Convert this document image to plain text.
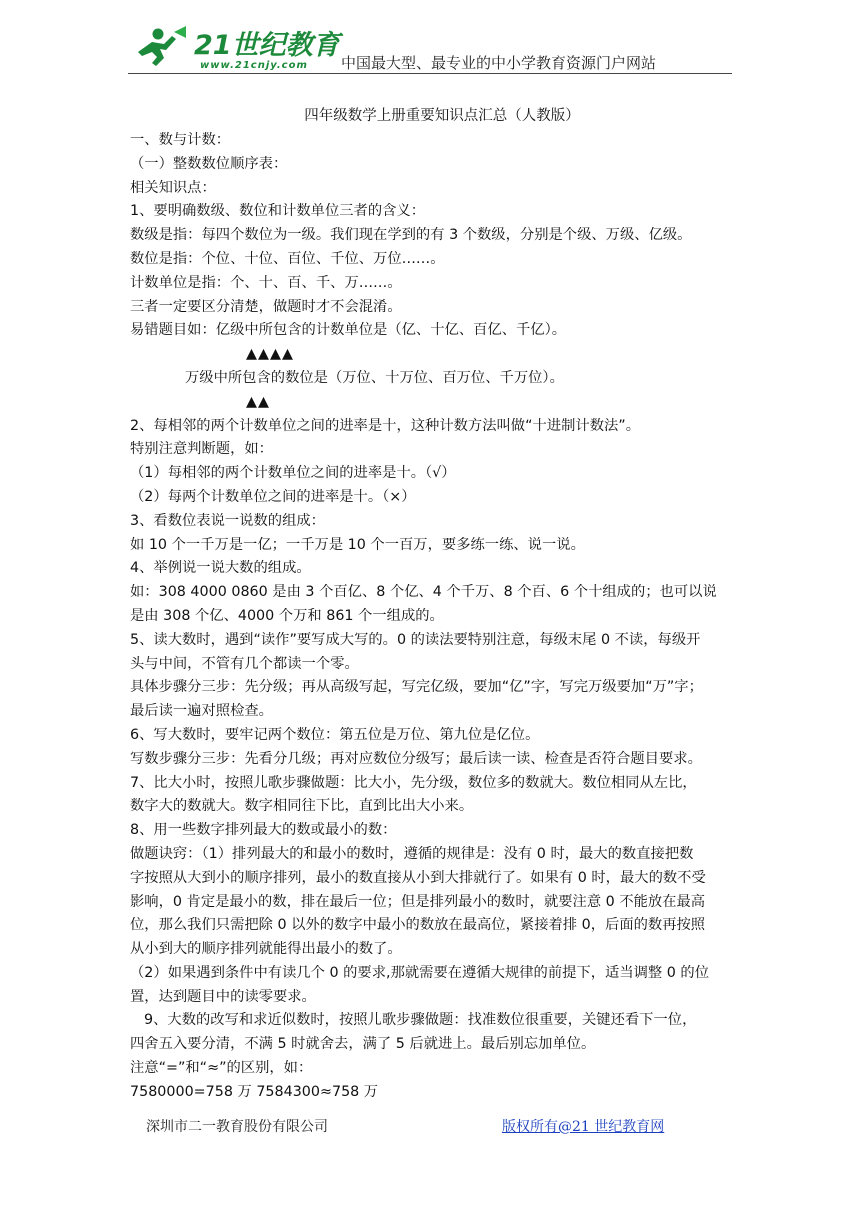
21世纪教育
www.21cnjy.com 中国最大型、最专业的中小学教育资源门户网站
四年级数学上册重要知识点汇总（人教版）
一、数与计数：
（一）整数数位顺序表：
相关知识点：
1、要明确数级、数位和计数单位三者的含义：
数级是指：每四个数位为一级。我们现在学到的有 3 个数级，分别是个级、万级、亿级。
数位是指：个位、十位、百位、千位、万位……。
计数单位是指：个、十、百、千、万……。
三者一定要区分清楚，做题时才不会混淆。
易错题目如：亿级中所包含的计数单位是（亿、十亿、百亿、千亿）。
▲▲▲▲
万级中所包含的数位是（万位、十万位、百万位、千万位）。
▲▲
2、每相邻的两个计数单位之间的进率是十，这种计数方法叫做“十进制计数法”。
特别注意判断题，如：
（1）每相邻的两个计数单位之间的进率是十。（√）
（2）每两个计数单位之间的进率是十。（×）
3、看数位表说一说数的组成：
如 10 个一千万是一亿；一千万是 10 个一百万，要多练一练、说一说。
4、举例说一说大数的组成。
如：308 4000 0860 是由 3 个百亿、8 个亿、4 个千万、8 个百、6 个十组成的；也可以说
是由 308 个亿、4000 个万和 861 个一组成的。
5、读大数时，遇到“读作”要写成大写的。0 的读法要特别注意，每级末尾 0 不读，每级开
头与中间，不管有几个都读一个零。
具体步骤分三步：先分级；再从高级写起，写完亿级，要加“亿”字，写完万级要加“万”字；
最后读一遍对照检查。
6、写大数时，要牢记两个数位：第五位是万位、第九位是亿位。
写数步骤分三步：先看分几级；再对应数位分级写；最后读一读、检查是否符合题目要求。
7、比大小时，按照儿歌步骤做题：比大小，先分级，数位多的数就大。数位相同从左比，
数字大的数就大。数字相同往下比，直到比出大小来。
8、用一些数字排列最大的数或最小的数：
做题诀窍：（1）排列最大的和最小的数时，遵循的规律是：没有 0 时，最大的数直接把数
字按照从大到小的顺序排列，最小的数直接从小到大排就行了。如果有 0 时，最大的数不受
影响，0 肯定是最小的数，排在最后一位；但是排列最小的数时，就要注意 0 不能放在最高
位，那么我们只需把除 0 以外的数字中最小的数放在最高位，紧接着排 0，后面的数再按照
从小到大的顺序排列就能得出最小的数了。
（2）如果遇到条件中有读几个 0 的要求,那就需要在遵循大规律的前提下，适当调整 0 的位
置，达到题目中的读零要求。
9、大数的改写和求近似数时，按照儿歌步骤做题：找准数位很重要，关键还看下一位，
四舍五入要分清，不满 5 时就舍去，满了 5 后就进上。最后别忘加单位。
注意“=”和“≈”的区别，如：
7580000=758 万 7584300≈758 万
深圳市二一教育股份有限公司	版权所有@21 世纪教育网
